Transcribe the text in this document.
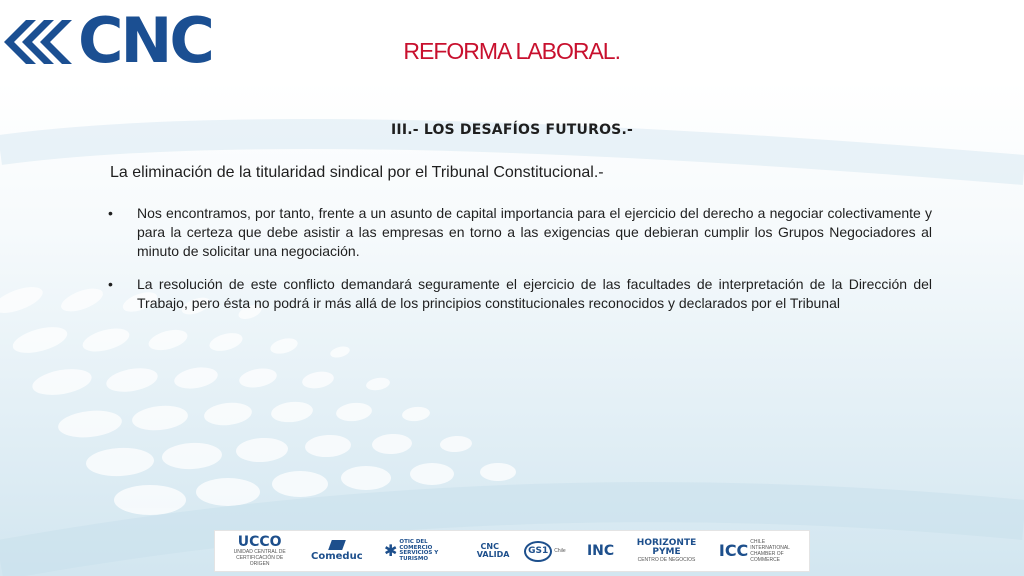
CNC	REFORMA LABORAL.
III.- LOS DESAFÍOS FUTUROS.-
La eliminación de la titularidad sindical por el Tribunal Constitucional.-
• Nos encontramos, por tanto, frente a un asunto de capital importancia para el ejercicio del derecho a negociar colectivamente y para la certeza que debe asistir a las empresas en torno a las exigencias que debieran cumplir los Grupos Negociadores al minuto de solicitar una negociación.
• La resolución de este conflicto demandará seguramente el ejercicio de las facultades de interpretación de la Dirección del Trabajo, pero ésta no podrá ir más allá de los principios constitucionales reconocidos y declarados por el Tribunal
UCCO
UNIDAD CENTRAL DE CERTIFICACIÓN DE ORIGEN
Comeduc ✱
OTIC DEL COMERCIO SERVICIOS Y TURISMO
CNC VALIDA	GS1	Chile INC	HORIZONTE PYME
CENTRO DE NEGOCIOS ICC CHILE INTERNATIONAL CHAMBER OF COMMERCE
